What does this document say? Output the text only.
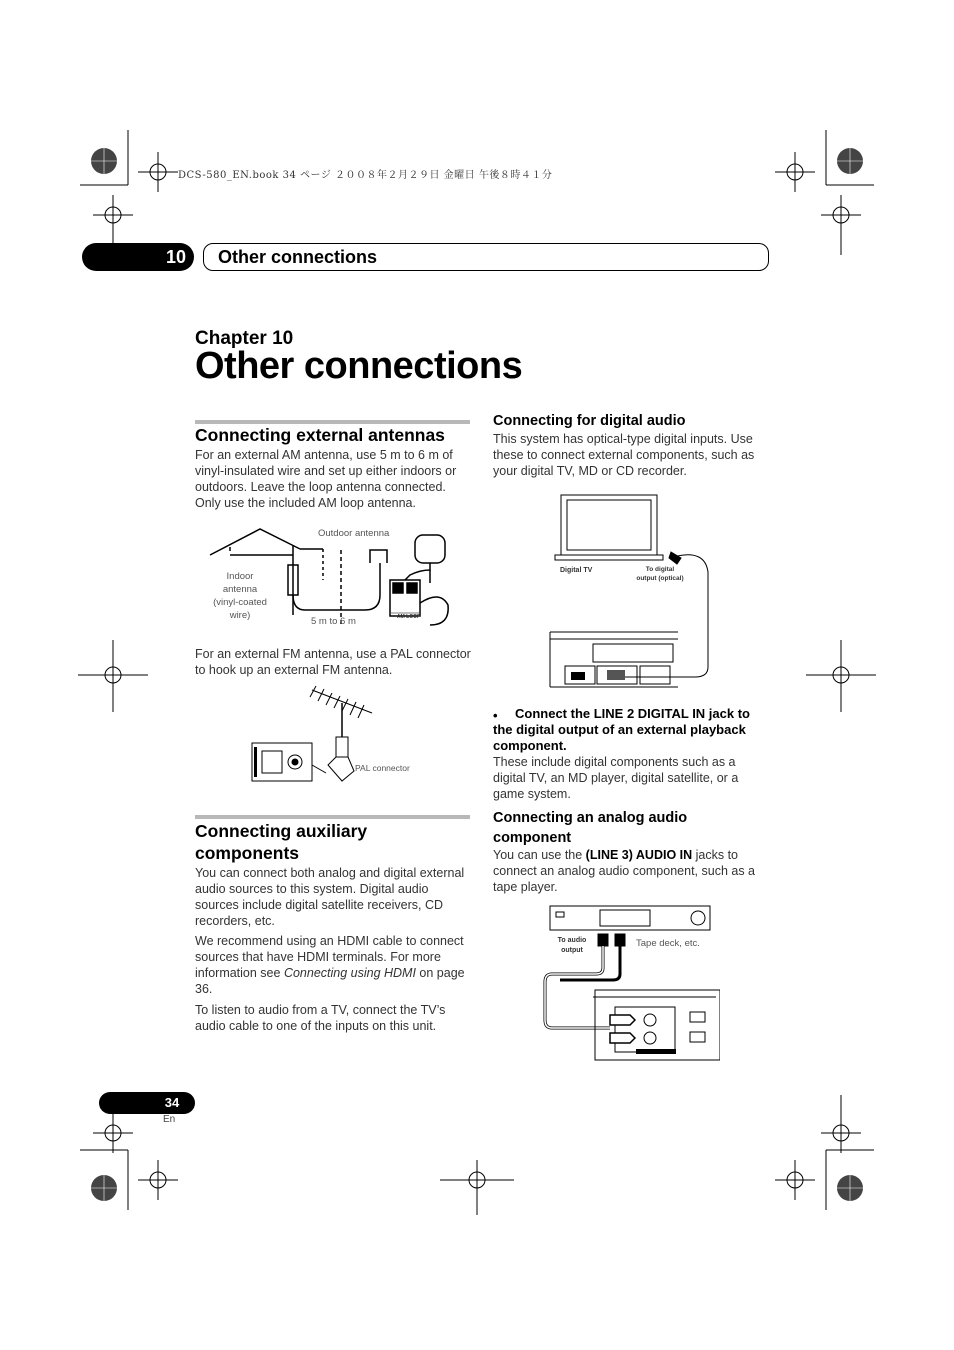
DCS-580_EN.book 34 ページ ２００８年２月２９日 金曜日 午後８時４１分
10	Other connections
Chapter 10
Other connections
Connecting external antennas
For an external AM antenna, use 5 m to 6 m of vinyl-insulated wire and set up either indoors or outdoors. Leave the loop antenna connected. Only use the included AM loop antenna.
Outdoor antenna
Indoor
antenna
(vinyl-coated
wire)
5 m to 6 m	AM LOOP
For an external FM antenna, use a PAL connector to hook up an external FM antenna.
PAL connector
Connecting auxiliary
components
You can connect both analog and digital external audio sources to this system. Digital audio sources include digital satellite receivers, CD recorders, etc.
We recommend using an HDMI cable to connect sources that have HDMI terminals. For more information see Connecting using HDMI on page 36.
To listen to audio from a TV, connect the TV’s audio cable to one of the inputs on this unit.
Connecting for digital audio
This system has optical-type digital inputs. Use these to connect external components, such as your digital TV, MD or CD recorder.
Digital TV	To digital
output (optical)
•	Connect the LINE 2 DIGITAL IN jack to the digital output of an external playback component.
These include digital components such as a digital TV, an MD player, digital satellite, or a game system.
Connecting an analog audio
component
You can use the (LINE 3) AUDIO IN jacks to connect an analog audio component, such as a tape player.
To audio
output
Tape deck, etc.
34
En
